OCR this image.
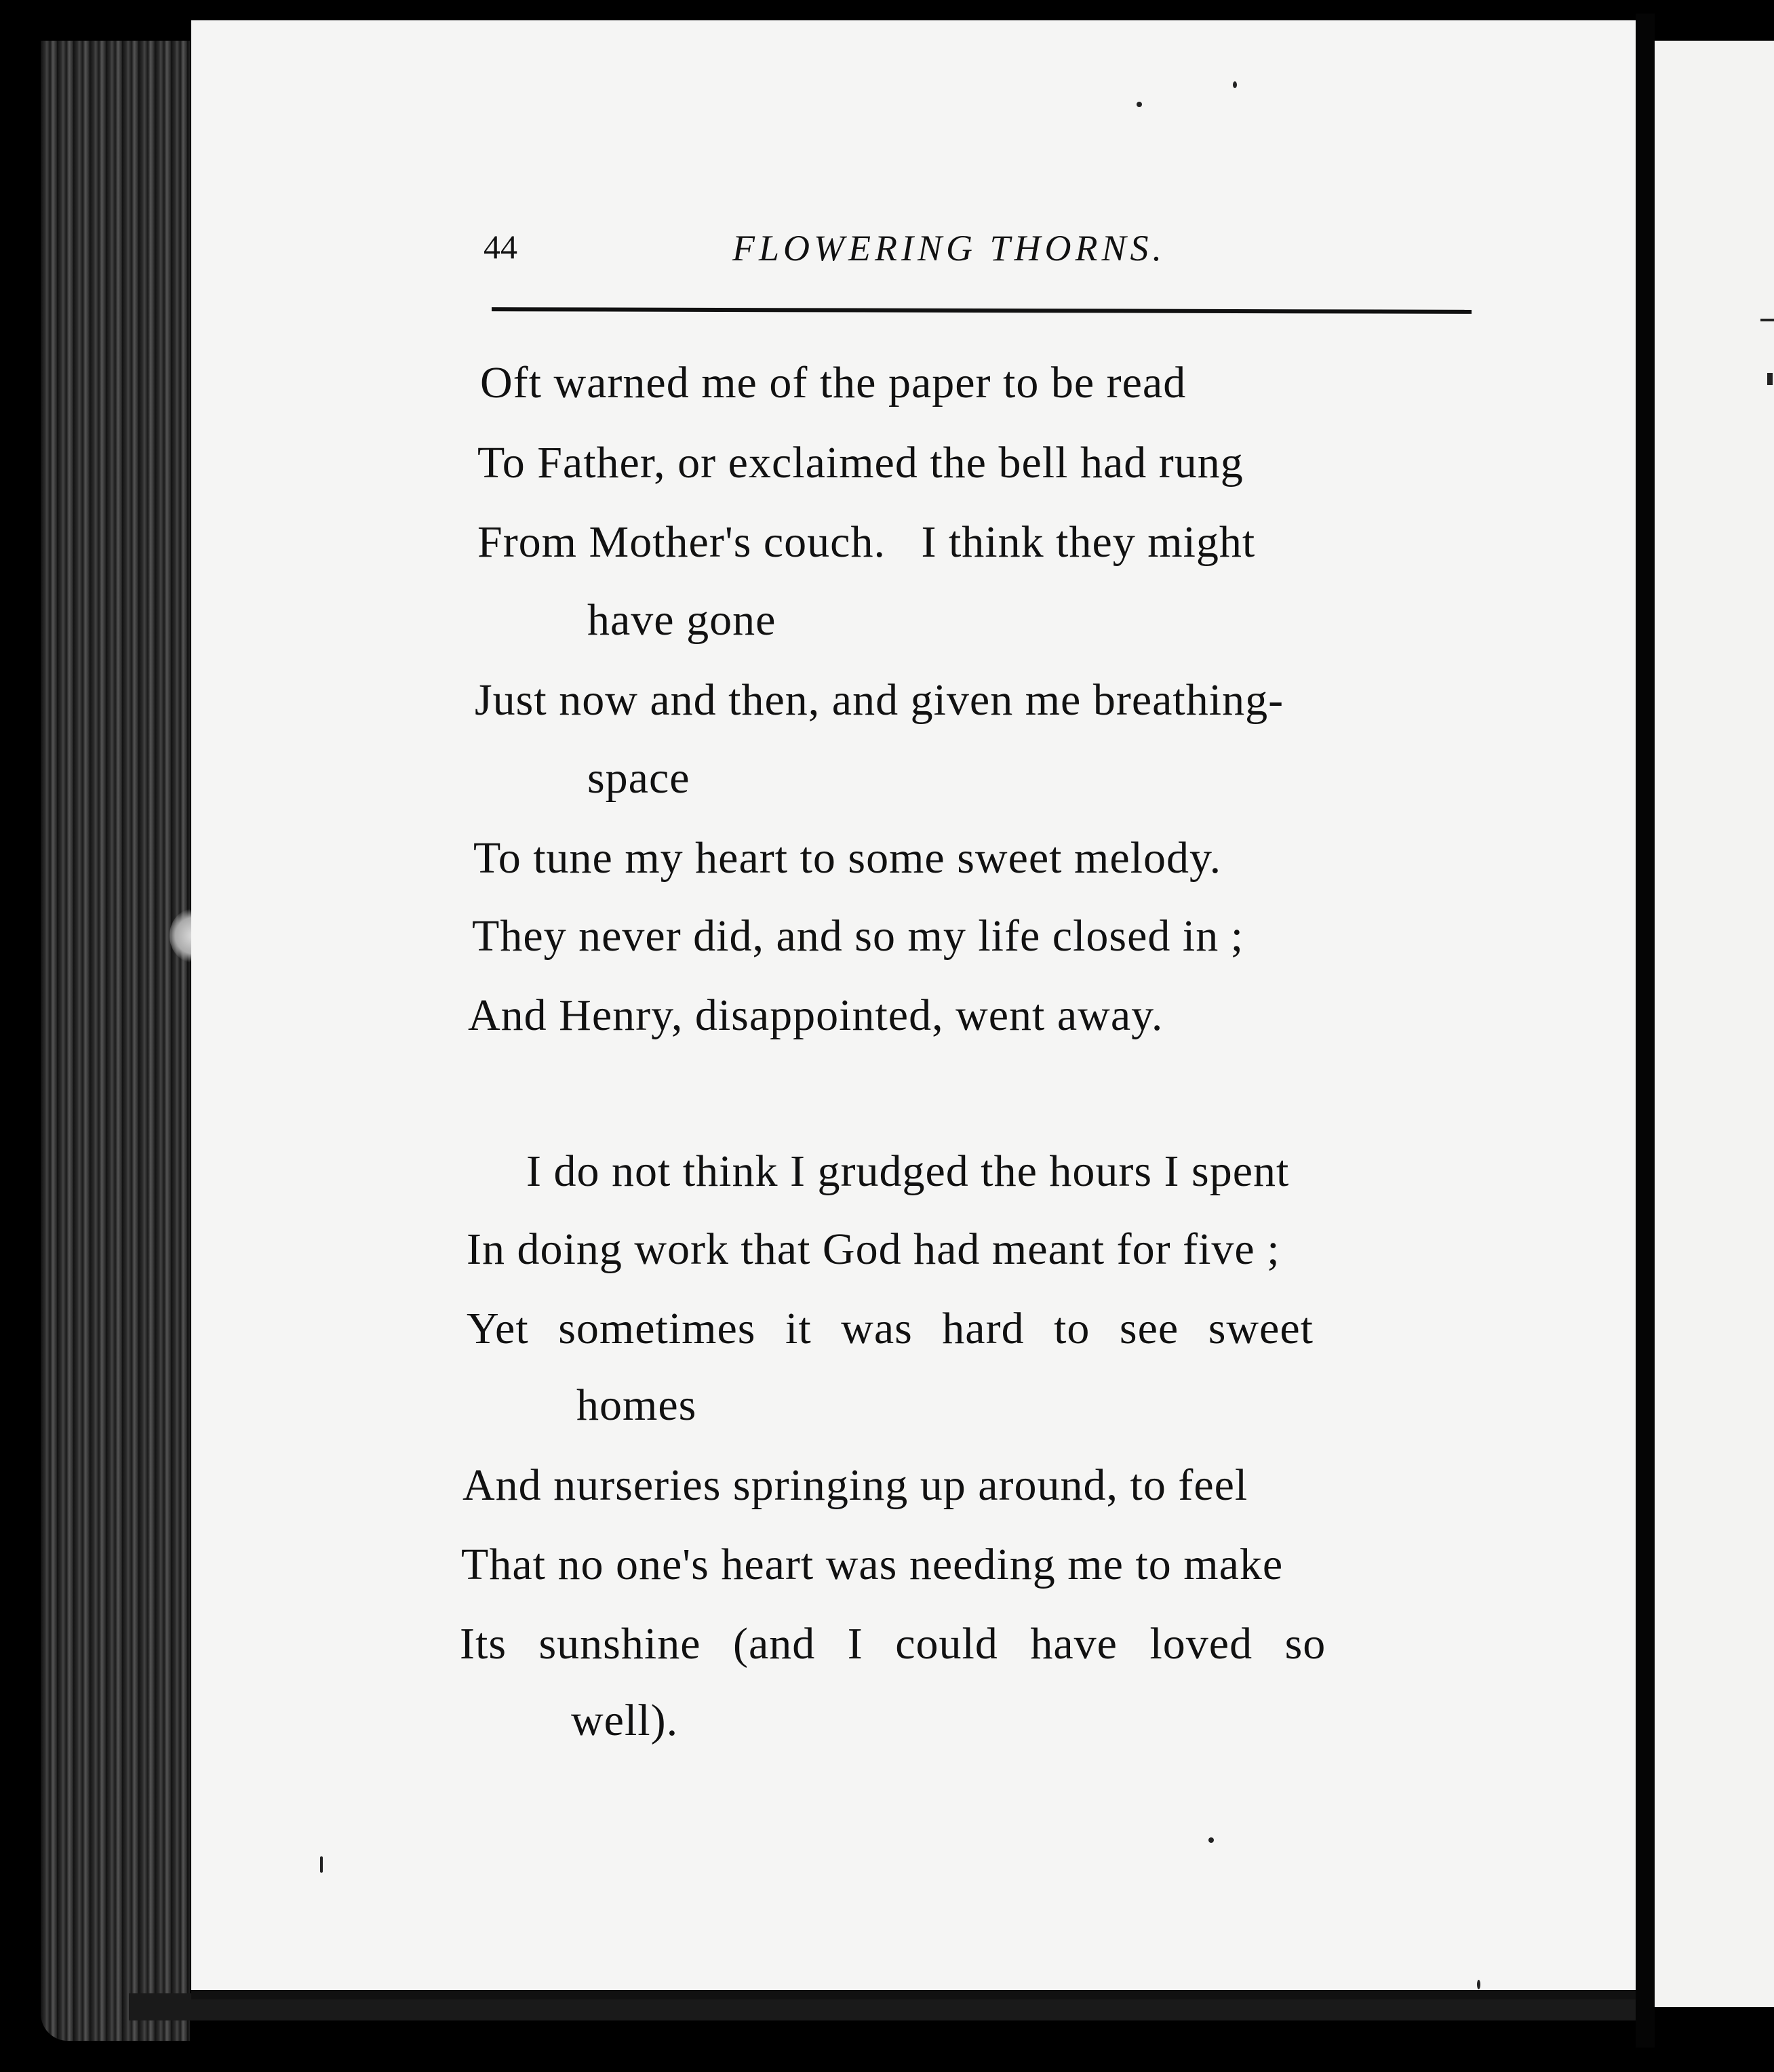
44	FLOWERING THORNS.
Oft warned me of the paper to be read
To Father, or exclaimed the bell had rung
From Mother's couch.   I think they might
have gone
Just now and then, and given me breathing-
space
To tune my heart to some sweet melody.
They never did, and so my life closed in ;
And Henry, disappointed, went away.
I do not think I grudged the hours I spent
In doing work that God had meant for five ;
Yet sometimes it was hard to see sweet
homes
And nurseries springing up around, to feel
That no one's heart was needing me to make
Its sunshine (and I could have loved so
well).
